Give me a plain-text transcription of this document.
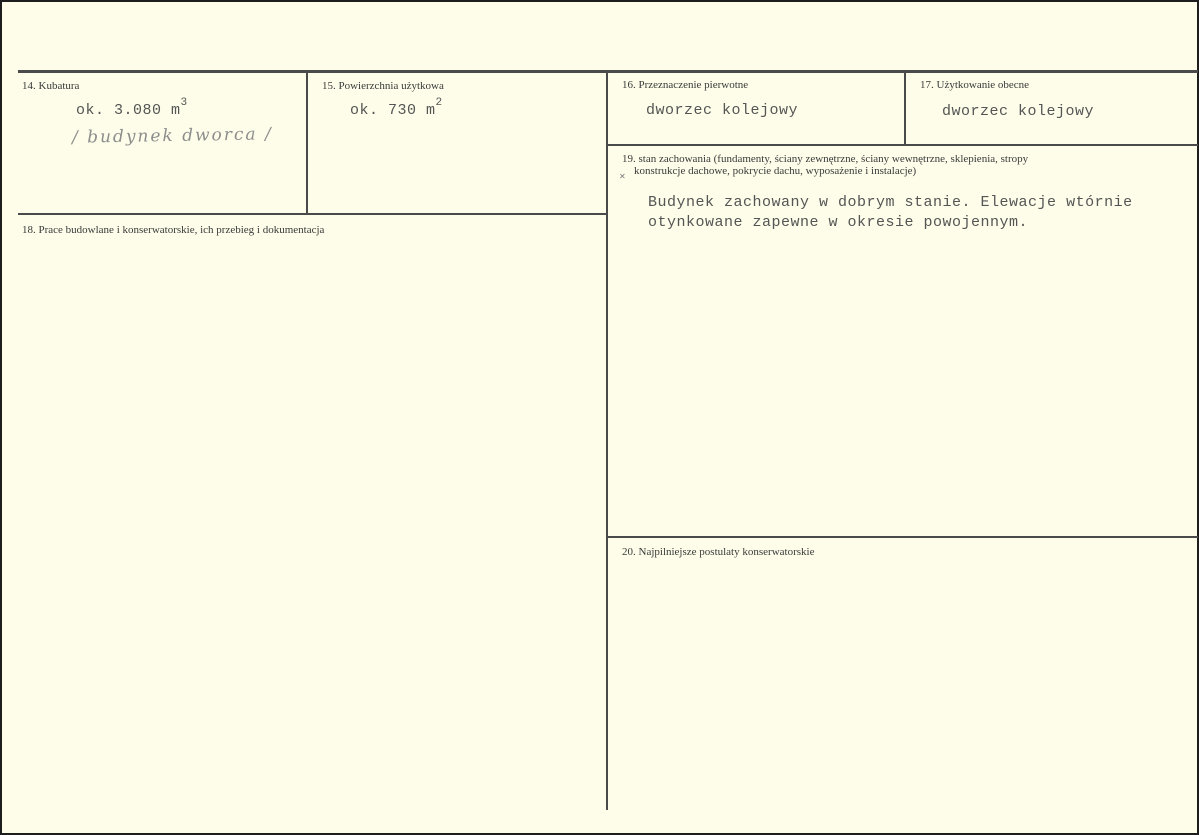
14. Kubatura
ok. 3.080 $m^3$
/ budynek dworca /
15. Powierzchnia użytkowa
ok. 730 $m^2$
16. Przeznaczenie pierwotne
dworzec kolejowy
17. Użytkowanie obecne
dworzec kolejowy
18. Prace budowlane i konserwatorskie, ich przebieg i dokumentacja
19. stan zachowania (fundamenty, ściany zewnętrzne, ściany wewnętrzne, sklepienia, stropy
konstrukcje dachowe, pokrycie dachu, wyposażenie i instalacje)
✕
Budynek zachowany w dobrym stanie. Elewacje wtórnie
otynkowane zapewne w okresie powojennym.
20. Najpilniejsze postulaty konserwatorskie
